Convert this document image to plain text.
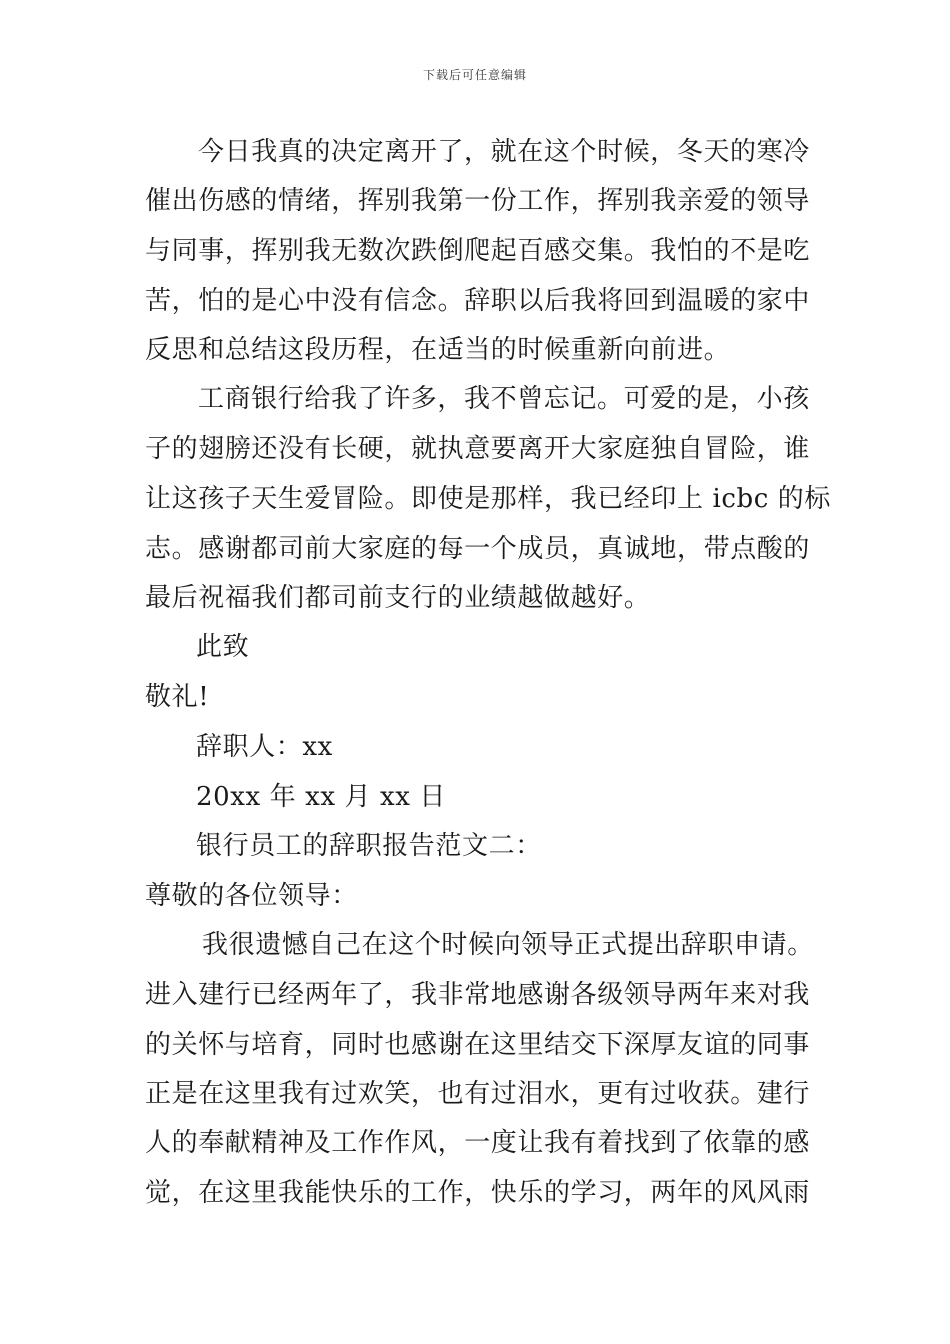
下载后可任意编辑
今日我真的决定离开了，就在这个时候，冬天的寒冷
催出伤感的情绪，挥别我第一份工作，挥别我亲爱的领导
与同事，挥别我无数次跌倒爬起百感交集。我怕的不是吃
苦，怕的是心中没有信念。辞职以后我将回到温暖的家中
反思和总结这段历程，在适当的时候重新向前进。
工商银行给我了许多，我不曾忘记。可爱的是，小孩
子的翅膀还没有长硬，就执意要离开大家庭独自冒险，谁
让这孩子天生爱冒险。即使是那样，我已经印上 icbc 的标
志。感谢都司前大家庭的每一个成员，真诚地，带点酸的
最后祝福我们都司前支行的业绩越做越好。
此致
敬礼!
辞职人：xx
20xx 年 xx 月 xx 日
银行员工的辞职报告范文二：
尊敬的各位领导：
我很遗憾自己在这个时候向领导正式提出辞职申请。
进入建行已经两年了，我非常地感谢各级领导两年来对我
的关怀与培育，同时也感谢在这里结交下深厚友谊的同事
正是在这里我有过欢笑，也有过泪水，更有过收获。建行
人的奉献精神及工作作风，一度让我有着找到了依靠的感
觉，在这里我能快乐的工作，快乐的学习，两年的风风雨
